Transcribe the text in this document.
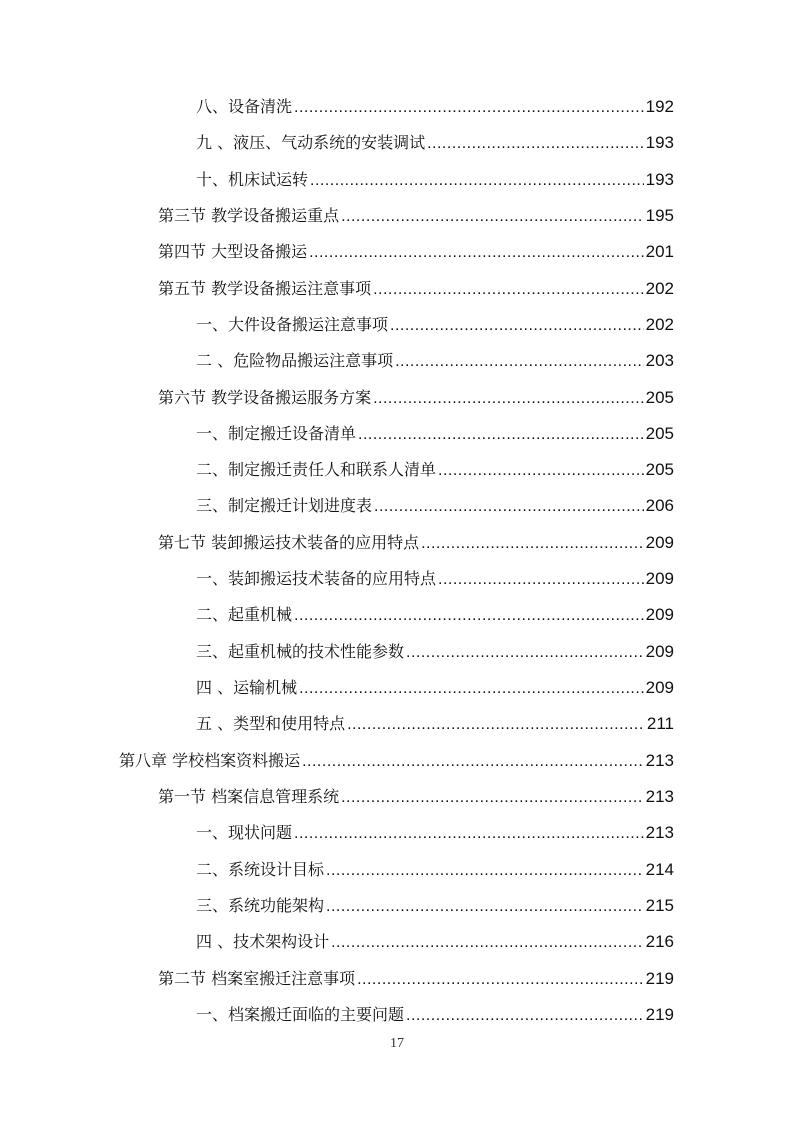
八、设备清洗 .....	192
九 、液压、气动系统的安装调试 .....	193
十、机床试运转 .....	193
第三节 教学设备搬运重点 .....	195
第四节 大型设备搬运 .....	201
第五节 教学设备搬运注意事项 .....	202
一、大件设备搬运注意事项 .....	202
二 、危险物品搬运注意事项 .....	203
第六节 教学设备搬运服务方案 .....	205
一、制定搬迁设备清单 .....	205
二、制定搬迁责任人和联系人清单 .....	205
三、制定搬迁计划进度表 .....	206
第七节 装卸搬运技术装备的应用特点 .....	209
一、装卸搬运技术装备的应用特点 .....	209
二、起重机械 .....	209
三、起重机械的技术性能参数 .....	209
四 、运输机械 .....	209
五 、类型和使用特点 .....	211
第八章 学校档案资料搬运 .....	213
第一节 档案信息管理系统 .....	213
一、现状问题 .....	213
二、系统设计目标 .....	214
三、系统功能架构 .....	215
四 、技术架构设计 .....	216
第二节 档案室搬迁注意事项 .....	219
一、档案搬迁面临的主要问题 .....	219
17
